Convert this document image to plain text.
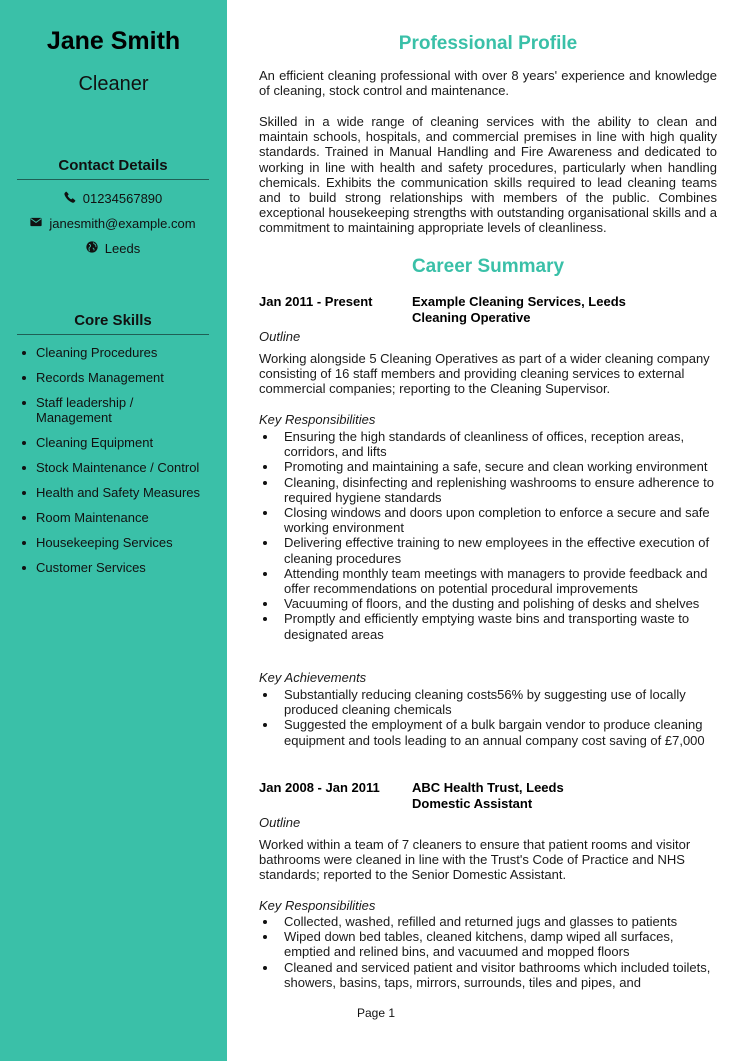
Jane Smith
Cleaner
Contact Details
01234567890
janesmith@example.com
Leeds
Core Skills
Cleaning Procedures
Records Management
Staff leadership / Management
Cleaning Equipment
Stock Maintenance / Control
Health and Safety Measures
Room Maintenance
Housekeeping Services
Customer Services
Professional Profile

An efficient cleaning professional with over 8 years' experience and knowledge of cleaning, stock control and maintenance.

Skilled in a wide range of cleaning services with the ability to clean and maintain schools, hospitals, and commercial premises in line with high quality standards. Trained in Manual Handling and Fire Awareness and dedicated to working in line with health and safety procedures, particularly when handling chemicals. Exhibits the communication skills required to lead cleaning teams and to build strong relationships with members of the public. Combines exceptional housekeeping strengths with outstanding organisational skills and a commitment to maintaining appropriate levels of cleanliness.

Career Summary
Jan 2011 - Present	Example Cleaning Services, Leeds
Cleaning Operative
Outline

Working alongside 5 Cleaning Operatives as part of a wider cleaning company consisting of 16 staff members and providing cleaning services to external commercial companies; reporting to the Cleaning Supervisor.

Key Responsibilities
Ensuring the high standards of cleanliness of offices, reception areas, corridors, and lifts
Promoting and maintaining a safe, secure and clean working environment
Cleaning, disinfecting and replenishing washrooms to ensure adherence to required hygiene standards
Closing windows and doors upon completion to enforce a secure and safe working environment
Delivering effective training to new employees in the effective execution of cleaning procedures
Attending monthly team meetings with managers to provide feedback and offer recommendations on potential procedural improvements
Vacuuming of floors, and the dusting and polishing of desks and shelves
Promptly and efficiently emptying waste bins and transporting waste to designated areas
Key Achievements
Substantially reducing cleaning costs56% by suggesting use of locally produced cleaning chemicals
Suggested the employment of a bulk bargain vendor to produce cleaning equipment and tools leading to an annual company cost saving of £7,000
Jan 2008 - Jan 2011 ABC Health Trust, Leeds
Domestic Assistant
Outline

Worked within a team of 7 cleaners to ensure that patient rooms and visitor bathrooms were cleaned in line with the Trust's Code of Practice and NHS standards; reported to the Senior Domestic Assistant.

Key Responsibilities
Collected, washed, refilled and returned jugs and glasses to patients
Wiped down bed tables, cleaned kitchens, damp wiped all surfaces, emptied and relined bins, and vacuumed and mopped floors
Cleaned and serviced patient and visitor bathrooms which included toilets, showers, basins, taps, mirrors, surrounds, tiles and pipes, and
Page 1
